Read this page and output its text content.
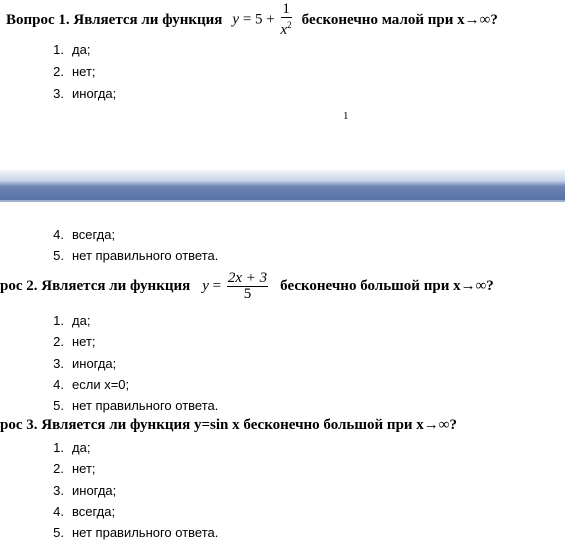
Вопрос 1. Является ли функция $y = 5 + \frac{1}{x^2}$ бесконечно малой при x→∞?
1. да;
2. нет;
3. иногда;
1
4. всегда;
5. нет правильного ответа.
рос 2. Является ли функция $y = \frac{2x + 3}{5}$ бесконечно большой при x→∞?
1. да;
2. нет;
3. иногда;
4. если x=0;
5. нет правильного ответа.
рос 3. Является ли функция y=sin x бесконечно большой при x→∞?
1. да;
2. нет;
3. иногда;
4. всегда;
5. нет правильного ответа.
